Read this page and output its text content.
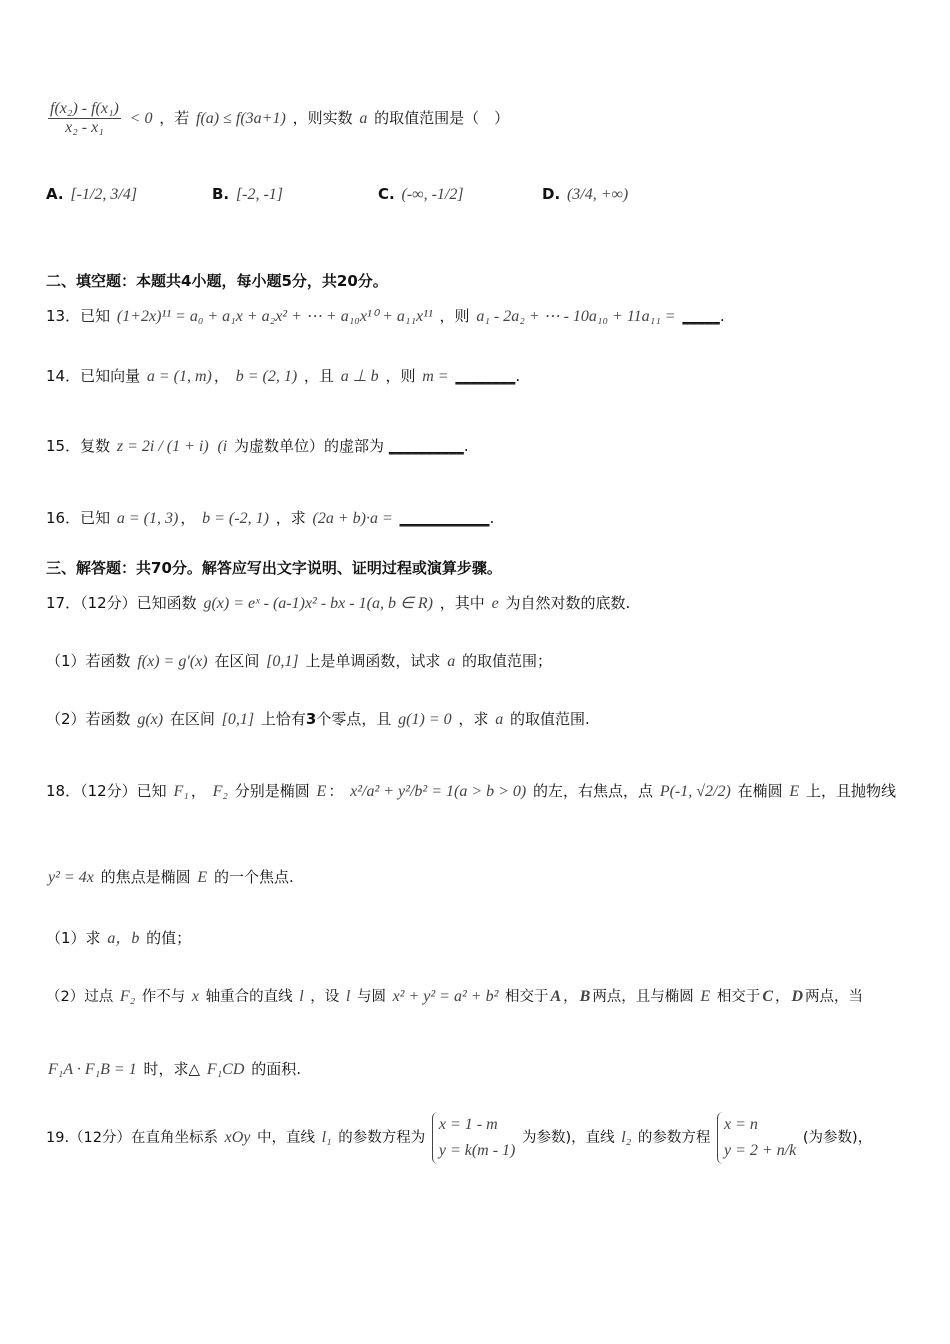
$\frac{\text{f(x₂) - f(x₁)}}{\text{x₂ - x₁}} < 0$ ，若 f(a) ≤ f(3a+1) ，则实数 a 的取值范围是（　）
A. [-1/2, 3/4]	B. [-2, -1]	C. (-∞, -1/2]	D. (3/4, +∞)
二、填空题：本题共4小题，每小题5分，共20分。
13．已知 (1+2x)¹¹ = a₀ + a₁x + a₂x² + ⋯ + a₁₀x¹⁰ + a₁₁x¹¹ ，则 a₁ - 2a₂ + ⋯ - 10a₁₀ + 11a₁₁ = _____.
14．已知向量 a = (1, m) ， b = (2, 1) ，且 a ⊥ b ，则 m = ________.
15．复数 z = 2i / (1 + i) (i 为虚数单位）的虚部为 __________.
16．已知 a = (1, 3) ， b = (-2, 1) ，求 (2a + b)·a = ____________.
三、解答题：共70分。解答应写出文字说明、证明过程或演算步骤。
17．（12分）已知函数 g(x) = eˣ - (a-1)x² - bx - 1(a, b ∈ R) ，其中 e 为自然对数的底数.
（1）若函数 f(x) = g′(x) 在区间 [0,1] 上是单调函数，试求 a 的取值范围；
（2）若函数 g(x) 在区间 [0,1] 上恰有3个零点，且 g(1) = 0 ，求 a 的取值范围.
18．（12分）已知 F₁ ， F₂ 分别是椭圆 E ： x²/a² + y²/b² = 1(a > b > 0) 的左，右焦点，点 P(-1, √2/2) 在椭圆 E 上，且抛物线
y² = 4x 的焦点是椭圆 E 的一个焦点.
（1）求 a，b 的值；
（2）过点 F₂ 作不与 x 轴重合的直线 l ，设 l 与圆 x² + y² = a² + b² 相交于 A ， B 两点，且与椭圆 E 相交于 C ， D 两点，当
F₁A · F₁B = 1 时，求△ F₁CD 的面积.
19.（12分）在直角坐标系 xOy 中，直线 l₁ 的参数方程为
x = 1 - m
y = k(m - 1)
为参数)，直线 l₂ 的参数方程
x = n
y = 2 + n/k
(为参数)，
